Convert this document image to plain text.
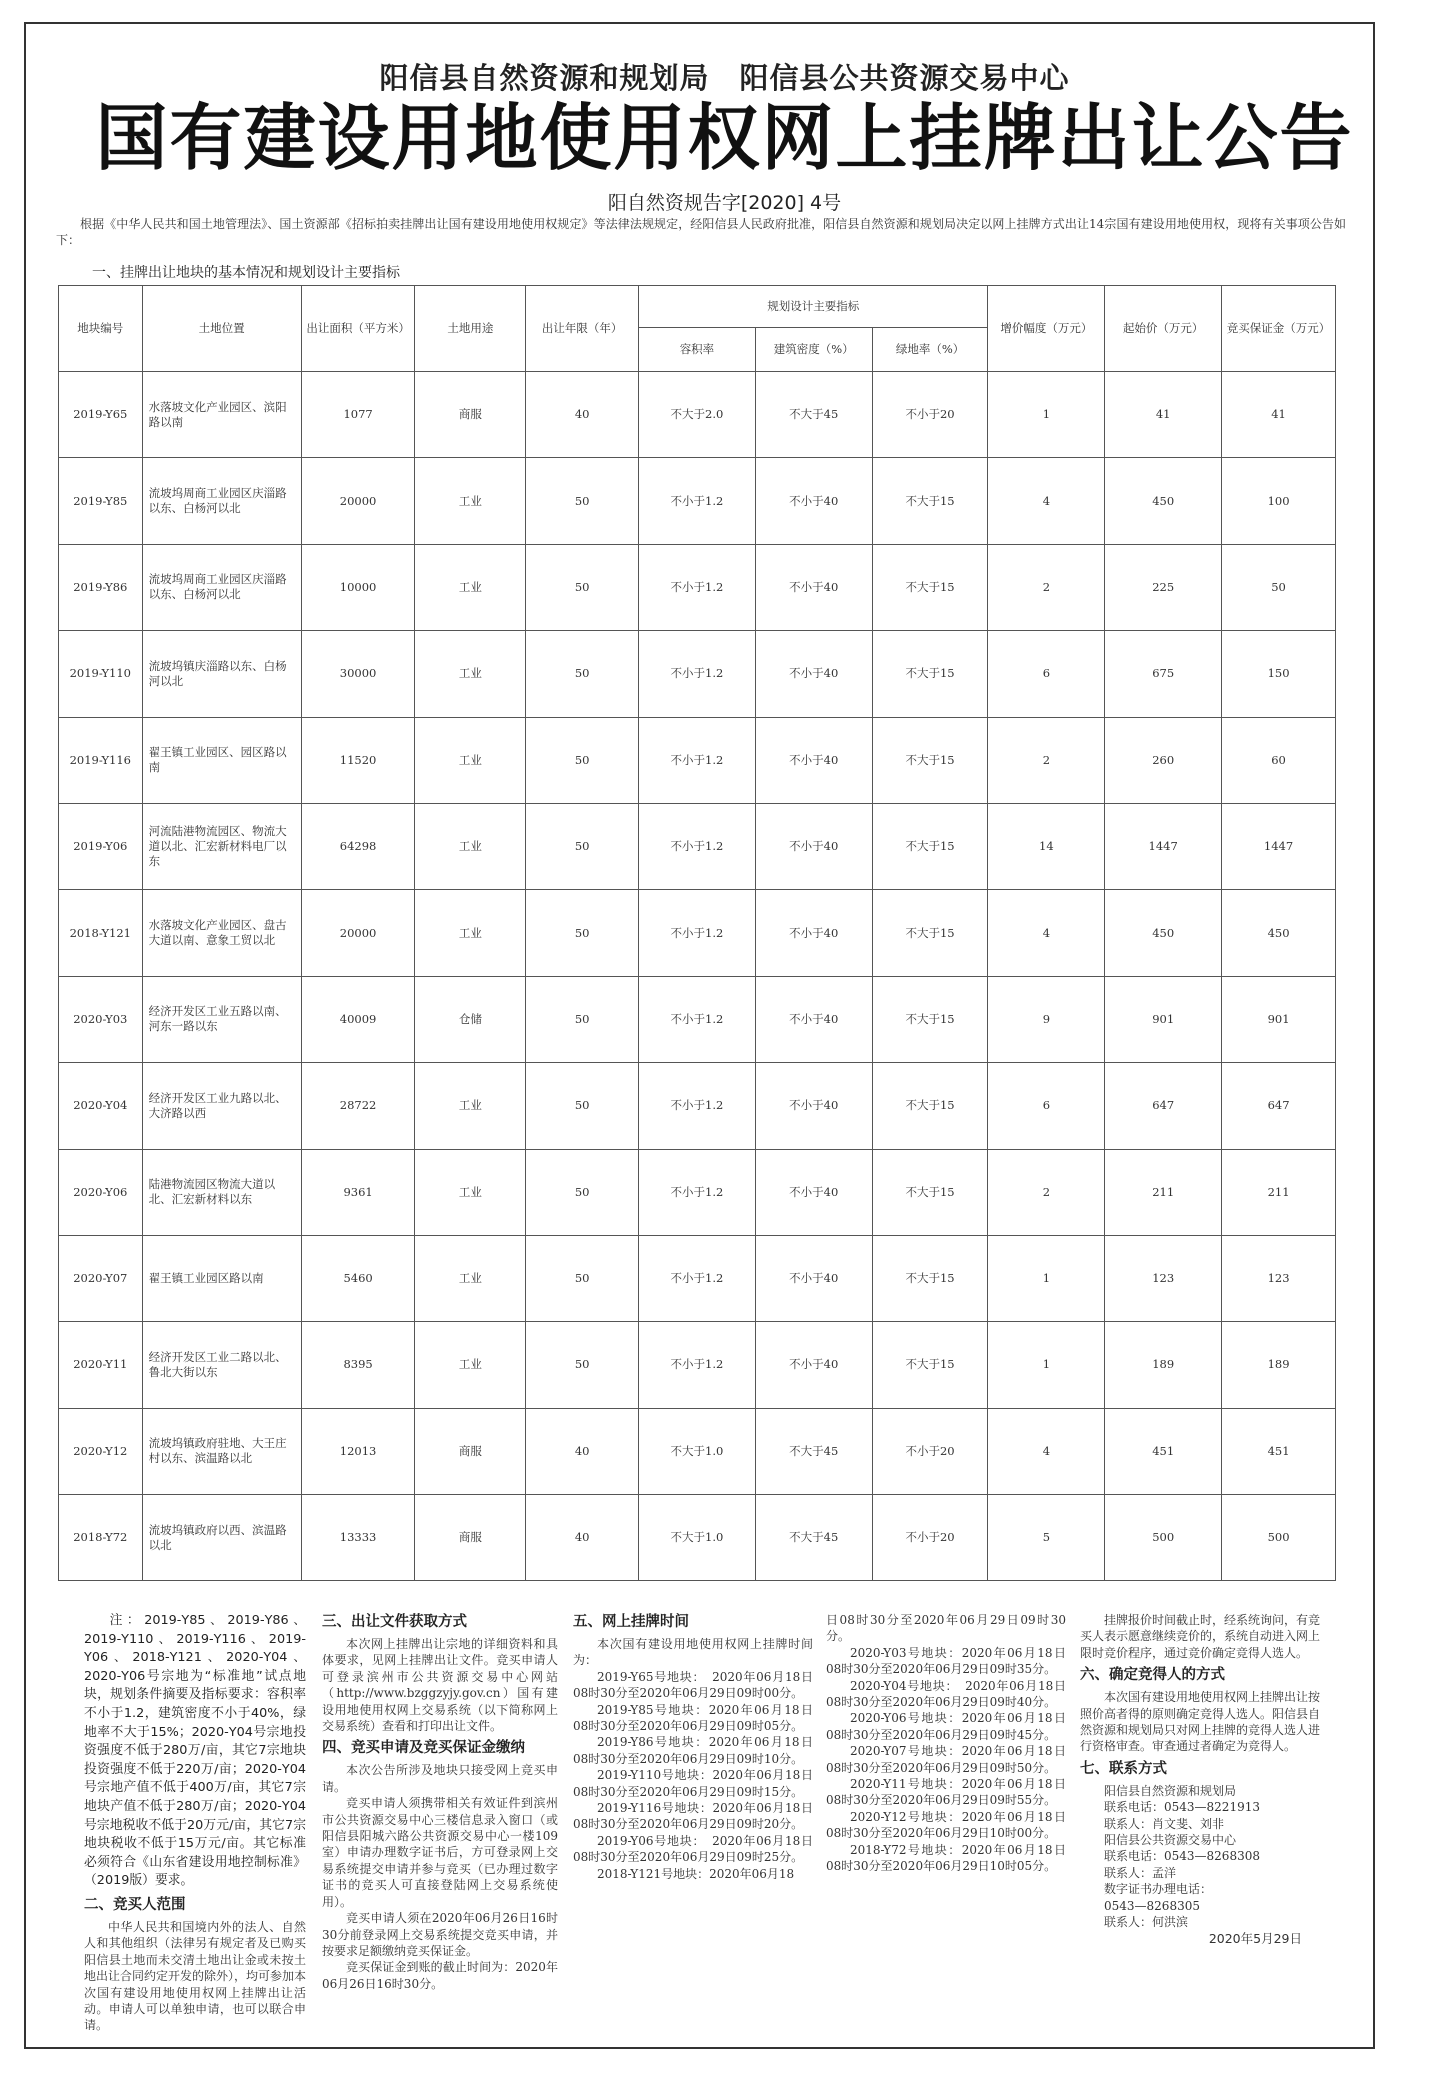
阳信县自然资源和规划局　阳信县公共资源交易中心
国有建设用地使用权网上挂牌出让公告
阳自然资规告字[2020] 4号
根据《中华人民共和国土地管理法》、国土资源部《招标拍卖挂牌出让国有建设用地使用权规定》等法律法规规定，经阳信县人民政府批准，阳信县自然资源和规划局决定以网上挂牌方式出让14宗国有建设用地使用权，现将有关事项公告如下：
一、挂牌出让地块的基本情况和规划设计主要指标
地块编号	土地位置	出让面积（平方米）	土地用途	出让年限（年）	规划设计主要指标			增价幅度（万元）	起始价（万元）	竞买保证金（万元）
					容积率	建筑密度（%）	绿地率（%）			
2019-Y65	水落坡文化产业园区、滨阳路以南	1077	商服	40	不大于2.0	不大于45	不小于20	1	41	41
2019-Y85	流坡坞周商工业园区庆淄路以东、白杨河以北	20000	工业	50	不小于1.2	不小于40	不大于15	4	450	100
2019-Y86	流坡坞周商工业园区庆淄路以东、白杨河以北	10000	工业	50	不小于1.2	不小于40	不大于15	2	225	50
2019-Y110	流坡坞镇庆淄路以东、白杨河以北	30000	工业	50	不小于1.2	不小于40	不大于15	6	675	150
2019-Y116	翟王镇工业园区、园区路以南	11520	工业	50	不小于1.2	不小于40	不大于15	2	260	60
2019-Y06	河流陆港物流园区、物流大道以北、汇宏新材料电厂以东	64298	工业	50	不小于1.2	不小于40	不大于15	14	1447	1447
2018-Y121	水落坡文化产业园区、盘古大道以南、意象工贸以北	20000	工业	50	不小于1.2	不小于40	不大于15	4	450	450
2020-Y03	经济开发区工业五路以南、河东一路以东	40009	仓储	50	不小于1.2	不小于40	不大于15	9	901	901
2020-Y04	经济开发区工业九路以北、大济路以西	28722	工业	50	不小于1.2	不小于40	不大于15	6	647	647
2020-Y06	陆港物流园区物流大道以北、汇宏新材料以东	9361	工业	50	不小于1.2	不小于40	不大于15	2	211	211
2020-Y07	翟王镇工业园区路以南	5460	工业	50	不小于1.2	不小于40	不大于15	1	123	123
2020-Y11	经济开发区工业二路以北、鲁北大街以东	8395	工业	50	不小于1.2	不小于40	不大于15	1	189	189
2020-Y12	流坡坞镇政府驻地、大王庄村以东、滨温路以北	12013	商服	40	不大于1.0	不大于45	不小于20	4	451	451
2018-Y72	流坡坞镇政府以西、滨温路以北	13333	商服	40	不大于1.0	不大于45	不小于20	5	500	500

注：2019-Y85、2019-Y86、2019-Y110、2019-Y116、2019-Y06、2018-Y121、2020-Y04、2020-Y06号宗地为“标准地”试点地块，规划条件摘要及指标要求：容积率不小于1.2，建筑密度不小于40%，绿地率不大于15%；2020-Y04号宗地投资强度不低于280万/亩，其它7宗地块投资强度不低于220万/亩；2020-Y04号宗地产值不低于400万/亩，其它7宗地块产值不低于280万/亩；2020-Y04号宗地税收不低于20万元/亩，其它7宗地块税收不低于15万元/亩。其它标准必须符合《山东省建设用地控制标准》（2019版）要求。

二、竞买人范围

中华人民共和国境内外的法人、自然人和其他组织（法律另有规定者及已购买阳信县土地而未交清土地出让金或未按土地出让合同约定开发的除外），均可参加本次国有建设用地使用权网上挂牌出让活动。申请人可以单独申请，也可以联合申请。

三、出让文件获取方式

本次网上挂牌出让宗地的详细资料和具体要求，见网上挂牌出让文件。竞买申请人可登录滨州市公共资源交易中心网站（http://www.bzggzyjy.gov.cn）国有建设用地使用权网上交易系统（以下简称网上交易系统）查看和打印出让文件。

四、竞买申请及竞买保证金缴纳

本次公告所涉及地块只接受网上竞买申请。

竞买申请人须携带相关有效证件到滨州市公共资源交易中心三楼信息录入窗口（或阳信县阳城六路公共资源交易中心一楼109室）申请办理数字证书后，方可登录网上交易系统提交申请并参与竞买（已办理过数字证书的竞买人可直接登陆网上交易系统使用）。

竞买申请人须在2020年06月26日16时30分前登录网上交易系统提交竞买申请，并按要求足额缴纳竞买保证金。

竞买保证金到账的截止时间为：2020年06月26日16时30分。

五、网上挂牌时间

本次国有建设用地使用权网上挂牌时间为：

2019-Y65号地块：　2020年06月18日08时30分至2020年06月29日09时00分。

2019-Y85号地块：2020年06月18日08时30分至2020年06月29日09时05分。

2019-Y86号地块：2020年06月18日08时30分至2020年06月29日09时10分。

2019-Y110号地块：2020年06月18日08时30分至2020年06月29日09时15分。

2019-Y116号地块：2020年06月18日08时30分至2020年06月29日09时20分。

2019-Y06号地块：　2020年06月18日08时30分至2020年06月29日09时25分。

2018-Y121号地块：2020年06月18

日08时30分至2020年06月29日09时30分。

2020-Y03号地块：2020年06月18日08时30分至2020年06月29日09时35分。

2020-Y04号地块：　2020年06月18日08时30分至2020年06月29日09时40分。

2020-Y06号地块：2020年06月18日08时30分至2020年06月29日09时45分。

2020-Y07号地块：2020年06月18日08时30分至2020年06月29日09时50分。

2020-Y11号地块：2020年06月18日08时30分至2020年06月29日09时55分。

2020-Y12号地块：2020年06月18日08时30分至2020年06月29日10时00分。

2018-Y72号地块：2020年06月18日08时30分至2020年06月29日10时05分。

挂牌报价时间截止时，经系统询问，有竞买人表示愿意继续竞价的，系统自动进入网上限时竞价程序，通过竞价确定竞得人选人。

六、确定竞得人的方式

本次国有建设用地使用权网上挂牌出让按照价高者得的原则确定竞得人选人。阳信县自然资源和规划局只对网上挂牌的竞得人选人进行资格审查。审查通过者确定为竞得人。

七、联系方式

阳信县自然资源和规划局

联系电话：0543—8221913

联系人：肖文斐、刘非

阳信县公共资源交易中心

联系电话：0543—8268308

联系人：孟洋

数字证书办理电话：

0543—8268305

联系人：何洪滨

2020年5月29日
